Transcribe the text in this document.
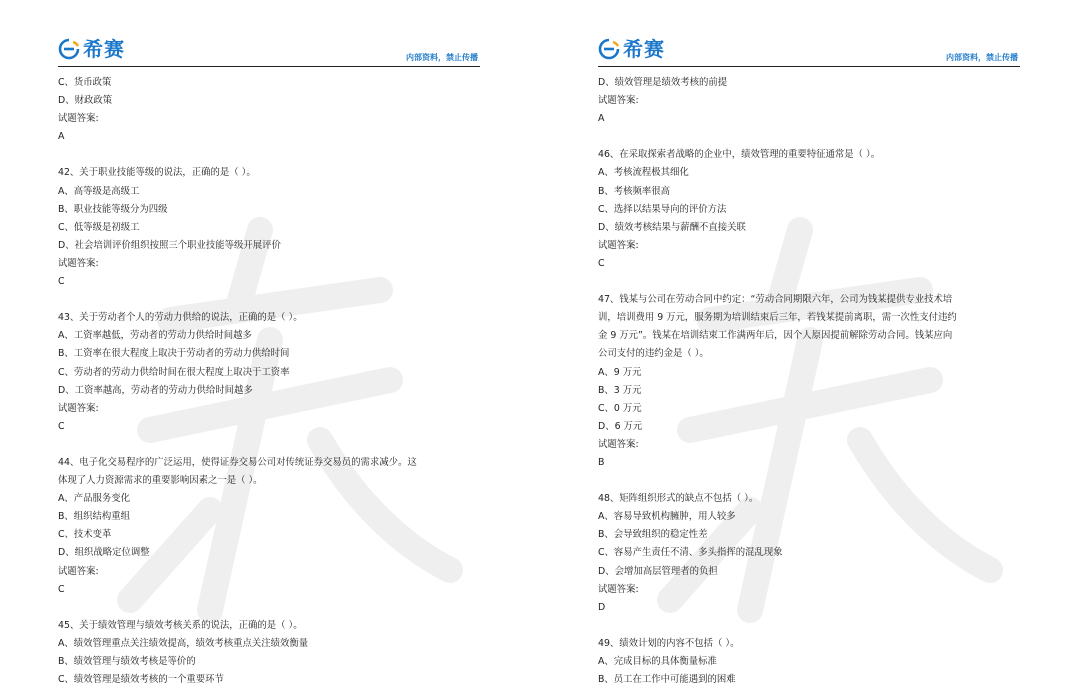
希赛	内部资料，禁止传播
C、货币政策
D、财政政策
试题答案:
A
42、关于职业技能等级的说法，正确的是（ ）。
A、高等级是高级工
B、职业技能等级分为四级
C、低等级是初级工
D、社会培训评价组织按照三个职业技能等级开展评价
试题答案:
C
43、关于劳动者个人的劳动力供给的说法，正确的是（ ）。
A、工资率越低，劳动者的劳动力供给时间越多
B、工资率在很大程度上取决于劳动者的劳动力供给时间
C、劳动者的劳动力供给时间在很大程度上取决于工资率
D、工资率越高，劳动者的劳动力供给时间越多
试题答案:
C
44、电子化交易程序的广泛运用，使得证券交易公司对传统证券交易员的需求减少。这
体现了人力资源需求的重要影响因素之一是（ ）。
A、产品服务变化
B、组织结构重组
C、技术变革
D、组织战略定位调整
试题答案:
C
45、关于绩效管理与绩效考核关系的说法，正确的是（ ）。
A、绩效管理重点关注绩效提高，绩效考核重点关注绩效衡量
B、绩效管理与绩效考核是等价的
C、绩效管理是绩效考核的一个重要环节
希赛	内部资料，禁止传播
D、绩效管理是绩效考核的前提
试题答案:
A
46、在采取探索者战略的企业中，绩效管理的重要特征通常是（ ）。
A、考核流程极其细化
B、考核频率很高
C、选择以结果导向的评价方法
D、绩效考核结果与薪酬不直接关联
试题答案:
C
47、钱某与公司在劳动合同中约定：“劳动合同期限六年，公司为钱某提供专业技术培
训，培训费用 9 万元，服务期为培训结束后三年，若钱某提前离职，需一次性支付违约
金 9 万元”。钱某在培训结束工作满两年后，因个人原因提前解除劳动合同。钱某应向
公司支付的违约金是（ ）。
A、9 万元
B、3 万元
C、0 万元
D、6 万元
试题答案:
B
48、矩阵组织形式的缺点不包括（ ）。
A、容易导致机构臃肿，用人较多
B、会导致组织的稳定性差
C、容易产生责任不清、多头指挥的混乱现象
D、会增加高层管理者的负担
试题答案:
D
49、绩效计划的内容不包括（ ）。
A、完成目标的具体衡量标准
B、员工在工作中可能遇到的困难
